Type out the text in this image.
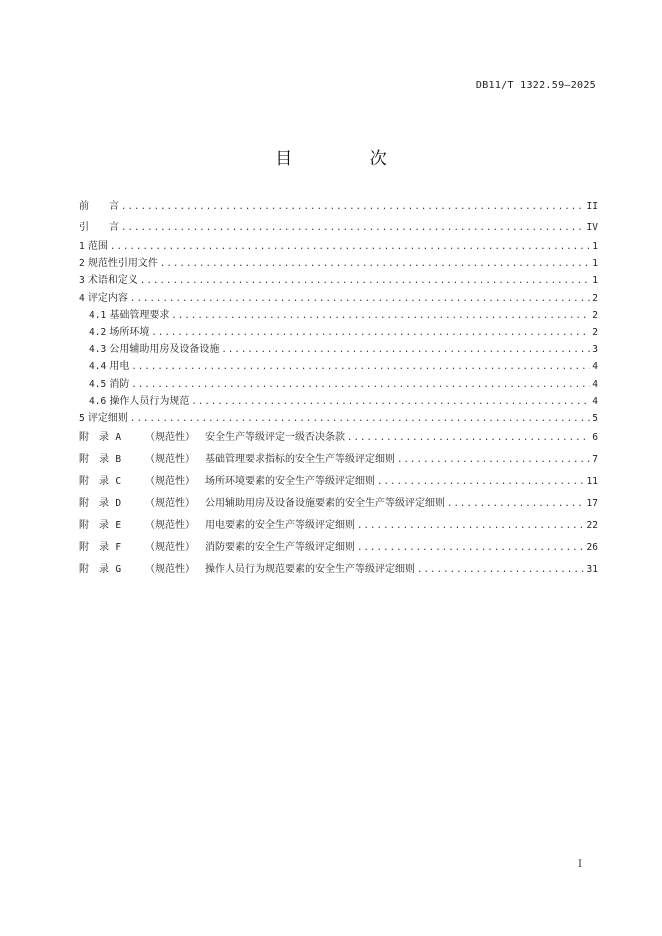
DB11/T 1322.59—2025
目 次
前　　言 .....	II
引　　言 .....	IV
1 范围 .....	1
2 规范性引用文件 .....	1
3 术语和定义 .....	1
4 评定内容 .....	2
4.1 基础管理要求 .....	2
4.2 场所环境 .....	2
4.3 公用辅助用房及设备设施 .....	3
4.4 用电 .....	4
4.5 消防 .....	4
4.6 操作人员行为规范 .....	4
5 评定细则 .....	5
附　录 A （规范性） 安全生产等级评定一级否决条款 .....	6
附　录 B （规范性） 基础管理要求指标的安全生产等级评定细则 .....	7
附　录 C （规范性） 场所环境要素的安全生产等级评定细则 .....	11
附　录 D （规范性） 公用辅助用房及设备设施要素的安全生产等级评定细则 .....	17
附　录 E （规范性） 用电要素的安全生产等级评定细则 .....	22
附　录 F （规范性） 消防要素的安全生产等级评定细则 .....	26
附　录 G （规范性） 操作人员行为规范要素的安全生产等级评定细则 .....	31
I
